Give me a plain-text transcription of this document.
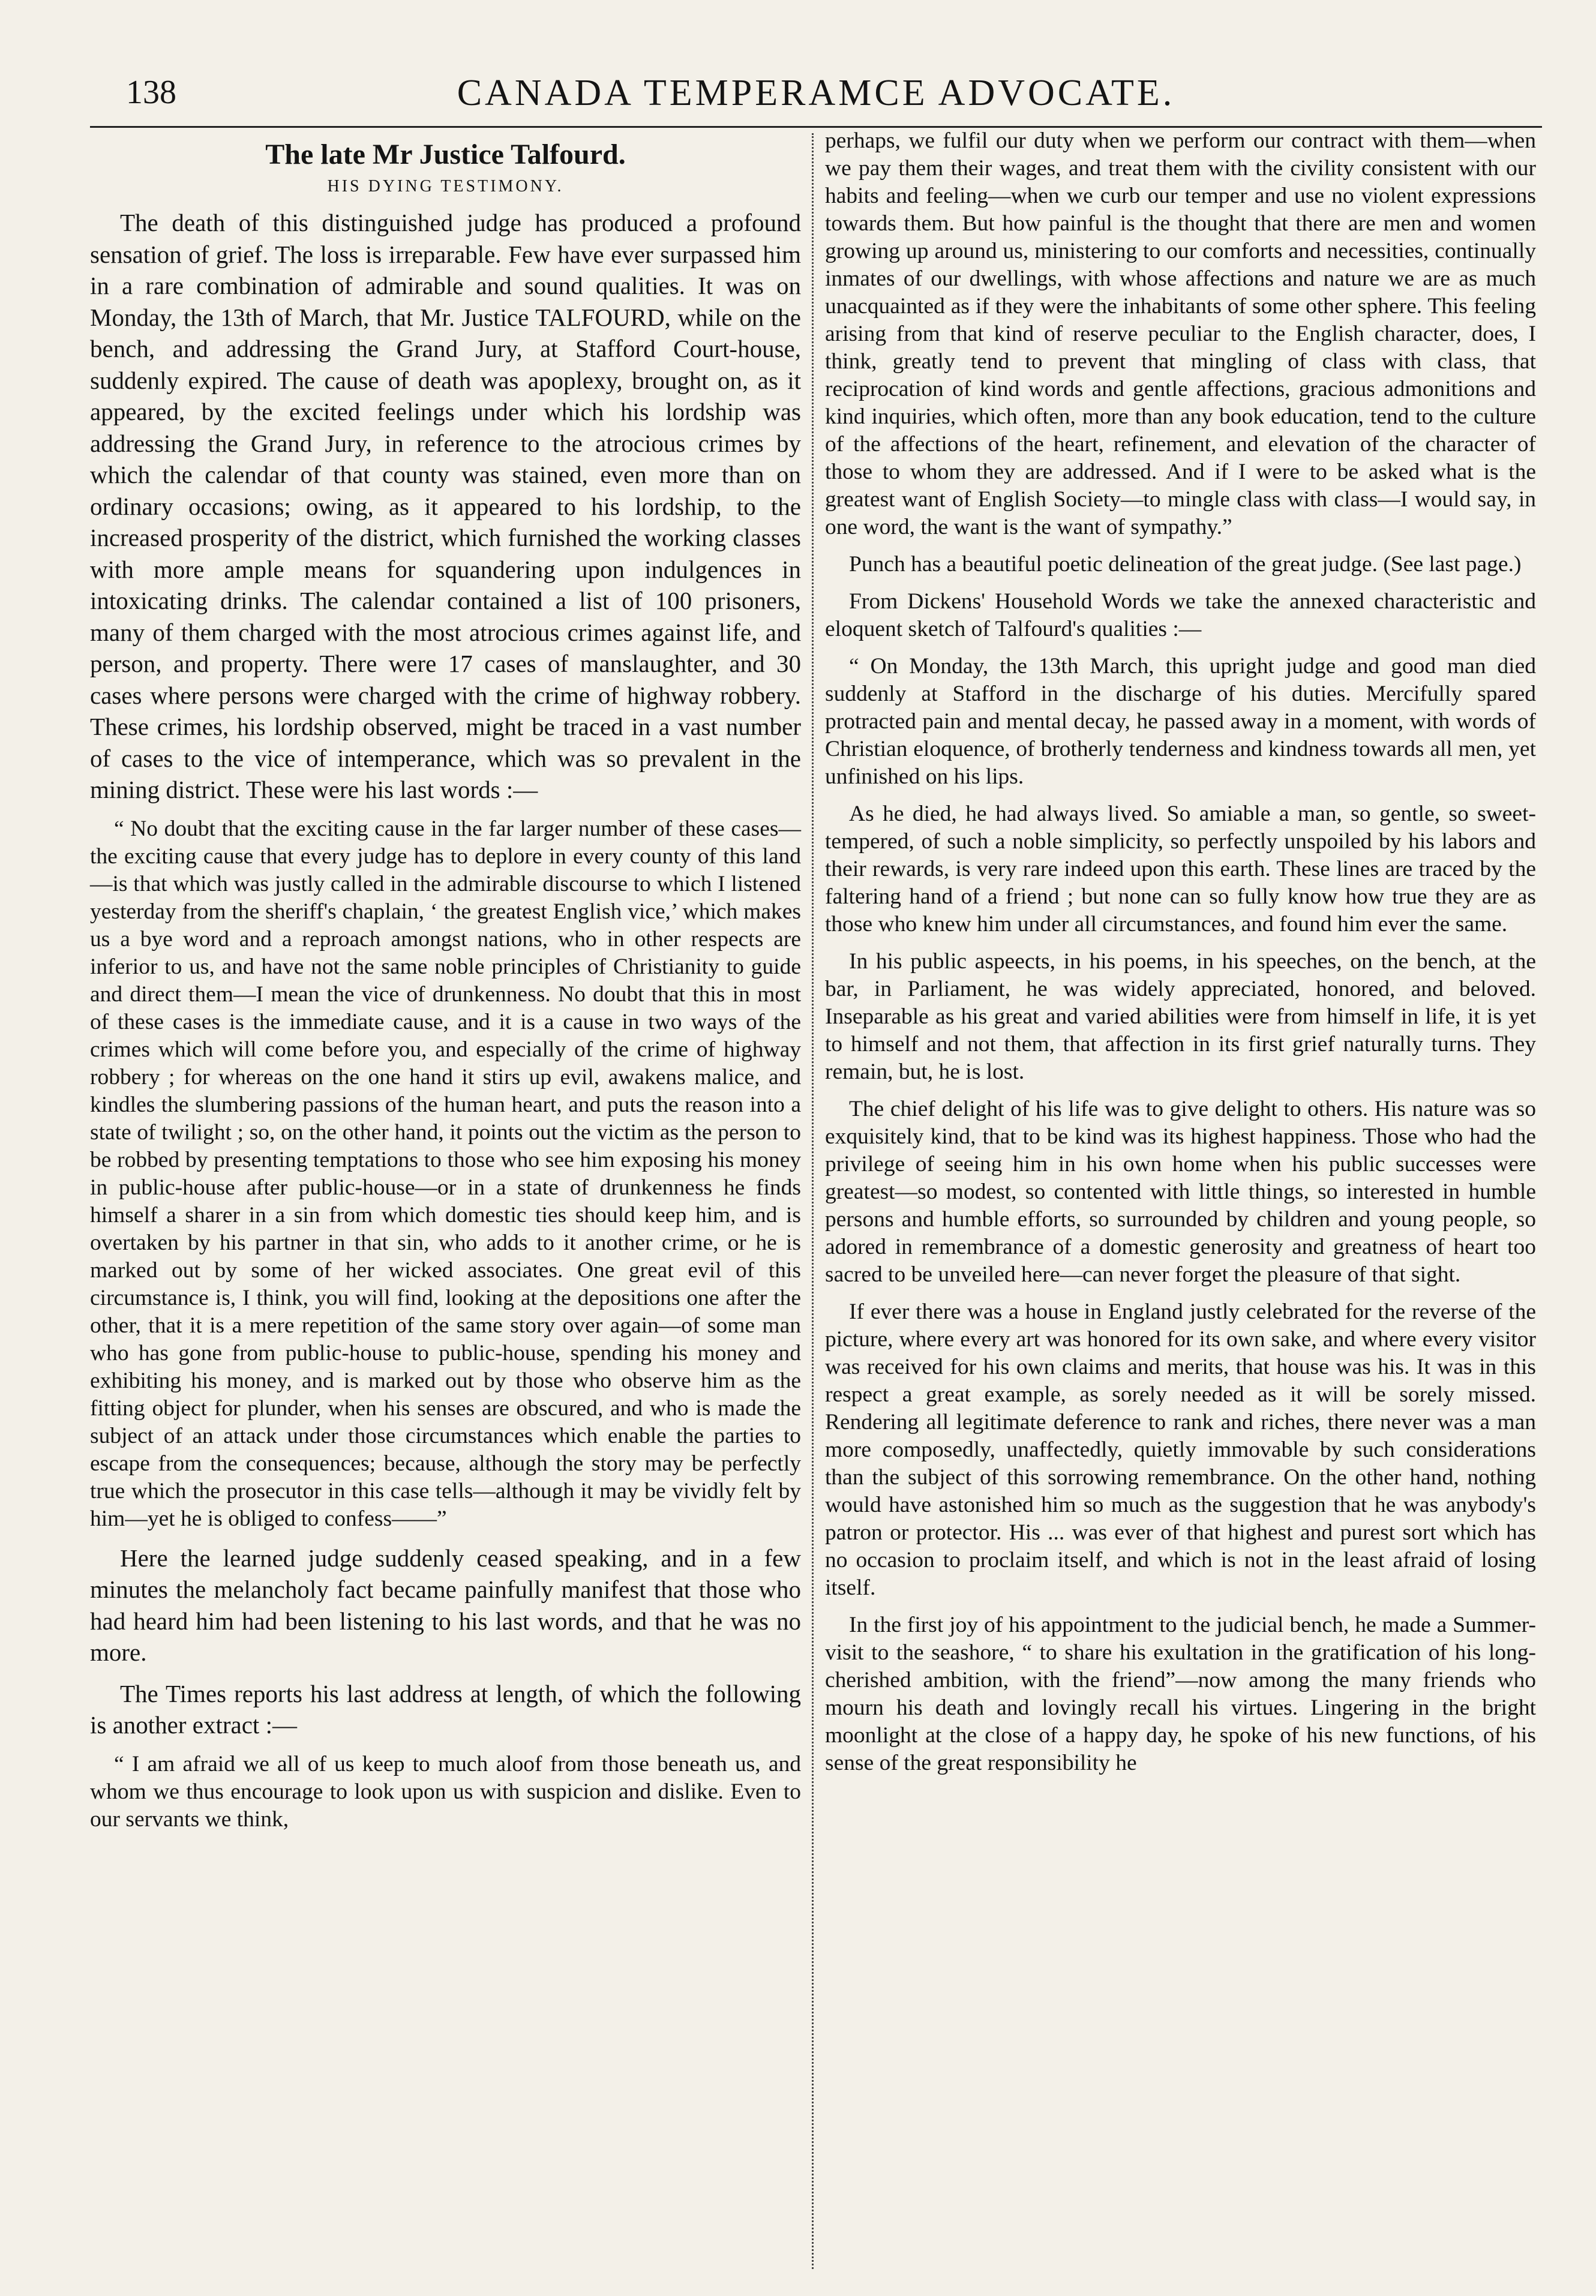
138	CANADA TEMPERAMCE ADVOCATE.
The late Mr Justice Talfourd.
HIS DYING TESTIMONY.

The death of this distinguished judge has produced a profound sensation of grief. The loss is irreparable. Few have ever surpassed him in a rare combination of admirable and sound qualities. It was on Monday, the 13th of March, that Mr. Justice TALFOURD, while on the bench, and addressing the Grand Jury, at Stafford Court-house, suddenly expired. The cause of death was apoplexy, brought on, as it appeared, by the excited feelings under which his lordship was addressing the Grand Jury, in reference to the atrocious crimes by which the calendar of that county was stained, even more than on ordinary occasions; owing, as it appeared to his lordship, to the increased prosperity of the district, which furnished the working classes with more ample means for squandering upon indulgences in intoxicating drinks. The calendar contained a list of 100 prisoners, many of them charged with the most atrocious crimes against life, and person, and property. There were 17 cases of manslaughter, and 30 cases where persons were charged with the crime of highway robbery. These crimes, his lordship observed, might be traced in a vast number of cases to the vice of intemperance, which was so prevalent in the mining district. These were his last words :—

“ No doubt that the exciting cause in the far larger number of these cases—the exciting cause that every judge has to deplore in every county of this land—is that which was justly called in the admirable discourse to which I listened yesterday from the sheriff's chaplain, ‘ the greatest English vice,’ which makes us a bye word and a reproach amongst nations, who in other respects are inferior to us, and have not the same noble principles of Christianity to guide and direct them—I mean the vice of drunkenness. No doubt that this in most of these cases is the immediate cause, and it is a cause in two ways of the crimes which will come before you, and especially of the crime of highway robbery ; for whereas on the one hand it stirs up evil, awakens malice, and kindles the slumbering passions of the human heart, and puts the reason into a state of twilight ; so, on the other hand, it points out the victim as the person to be robbed by presenting temptations to those who see him exposing his money in public-house after public-house—or in a state of drunkenness he finds himself a sharer in a sin from which domestic ties should keep him, and is overtaken by his partner in that sin, who adds to it another crime, or he is marked out by some of her wicked associates. One great evil of this circumstance is, I think, you will find, looking at the depositions one after the other, that it is a mere repetition of the same story over again—of some man who has gone from public-house to public-house, spending his money and exhibiting his money, and is marked out by those who observe him as the fitting object for plunder, when his senses are obscured, and who is made the subject of an attack under those circumstances which enable the parties to escape from the consequences; because, although the story may be perfectly true which the prosecutor in this case tells—although it may be vividly felt by him—yet he is obliged to confess——”

Here the learned judge suddenly ceased speaking, and in a few minutes the melancholy fact became painfully manifest that those who had heard him had been listening to his last words, and that he was no more.

The Times reports his last address at length, of which the following is another extract :—

“ I am afraid we all of us keep to much aloof from those beneath us, and whom we thus encourage to look upon us with suspicion and dislike. Even to our servants we think,

perhaps, we fulfil our duty when we perform our contract with them—when we pay them their wages, and treat them with the civility consistent with our habits and feeling—when we curb our temper and use no violent expressions towards them. But how painful is the thought that there are men and women growing up around us, ministering to our comforts and necessities, continually inmates of our dwellings, with whose affections and nature we are as much unacquainted as if they were the inhabitants of some other sphere. This feeling arising from that kind of reserve peculiar to the English character, does, I think, greatly tend to prevent that mingling of class with class, that reciprocation of kind words and gentle affections, gracious admonitions and kind inquiries, which often, more than any book education, tend to the culture of the affections of the heart, refinement, and elevation of the character of those to whom they are addressed. And if I were to be asked what is the greatest want of English Society—to mingle class with class—I would say, in one word, the want is the want of sympathy.”

Punch has a beautiful poetic delineation of the great judge. (See last page.)

From Dickens' Household Words we take the annexed characteristic and eloquent sketch of Talfourd's qualities :—

“ On Monday, the 13th March, this upright judge and good man died suddenly at Stafford in the discharge of his duties. Mercifully spared protracted pain and mental decay, he passed away in a moment, with words of Christian eloquence, of brotherly tenderness and kindness towards all men, yet unfinished on his lips.

As he died, he had always lived. So amiable a man, so gentle, so sweet-tempered, of such a noble simplicity, so perfectly unspoiled by his labors and their rewards, is very rare indeed upon this earth. These lines are traced by the faltering hand of a friend ; but none can so fully know how true they are as those who knew him under all circumstances, and found him ever the same.

In his public aspeects, in his poems, in his speeches, on the bench, at the bar, in Parliament, he was widely appreciated, honored, and beloved. Inseparable as his great and varied abilities were from himself in life, it is yet to himself and not them, that affection in its first grief naturally turns. They remain, but, he is lost.

The chief delight of his life was to give delight to others. His nature was so exquisitely kind, that to be kind was its highest happiness. Those who had the privilege of seeing him in his own home when his public successes were greatest—so modest, so contented with little things, so interested in humble persons and humble efforts, so surrounded by children and young people, so adored in remembrance of a domestic generosity and greatness of heart too sacred to be unveiled here—can never forget the pleasure of that sight.

If ever there was a house in England justly celebrated for the reverse of the picture, where every art was honored for its own sake, and where every visitor was received for his own claims and merits, that house was his. It was in this respect a great example, as sorely needed as it will be sorely missed. Rendering all legitimate deference to rank and riches, there never was a man more composedly, unaffectedly, quietly immovable by such considerations than the subject of this sorrowing remembrance. On the other hand, nothing would have astonished him so much as the suggestion that he was anybody's patron or protector. His ... was ever of that highest and purest sort which has no occasion to proclaim itself, and which is not in the least afraid of losing itself.

In the first joy of his appointment to the judicial bench, he made a Summer-visit to the seashore, “ to share his exultation in the gratification of his long-cherished ambition, with the friend”—now among the many friends who mourn his death and lovingly recall his virtues. Lingering in the bright moonlight at the close of a happy day, he spoke of his new functions, of his sense of the great responsibility he
